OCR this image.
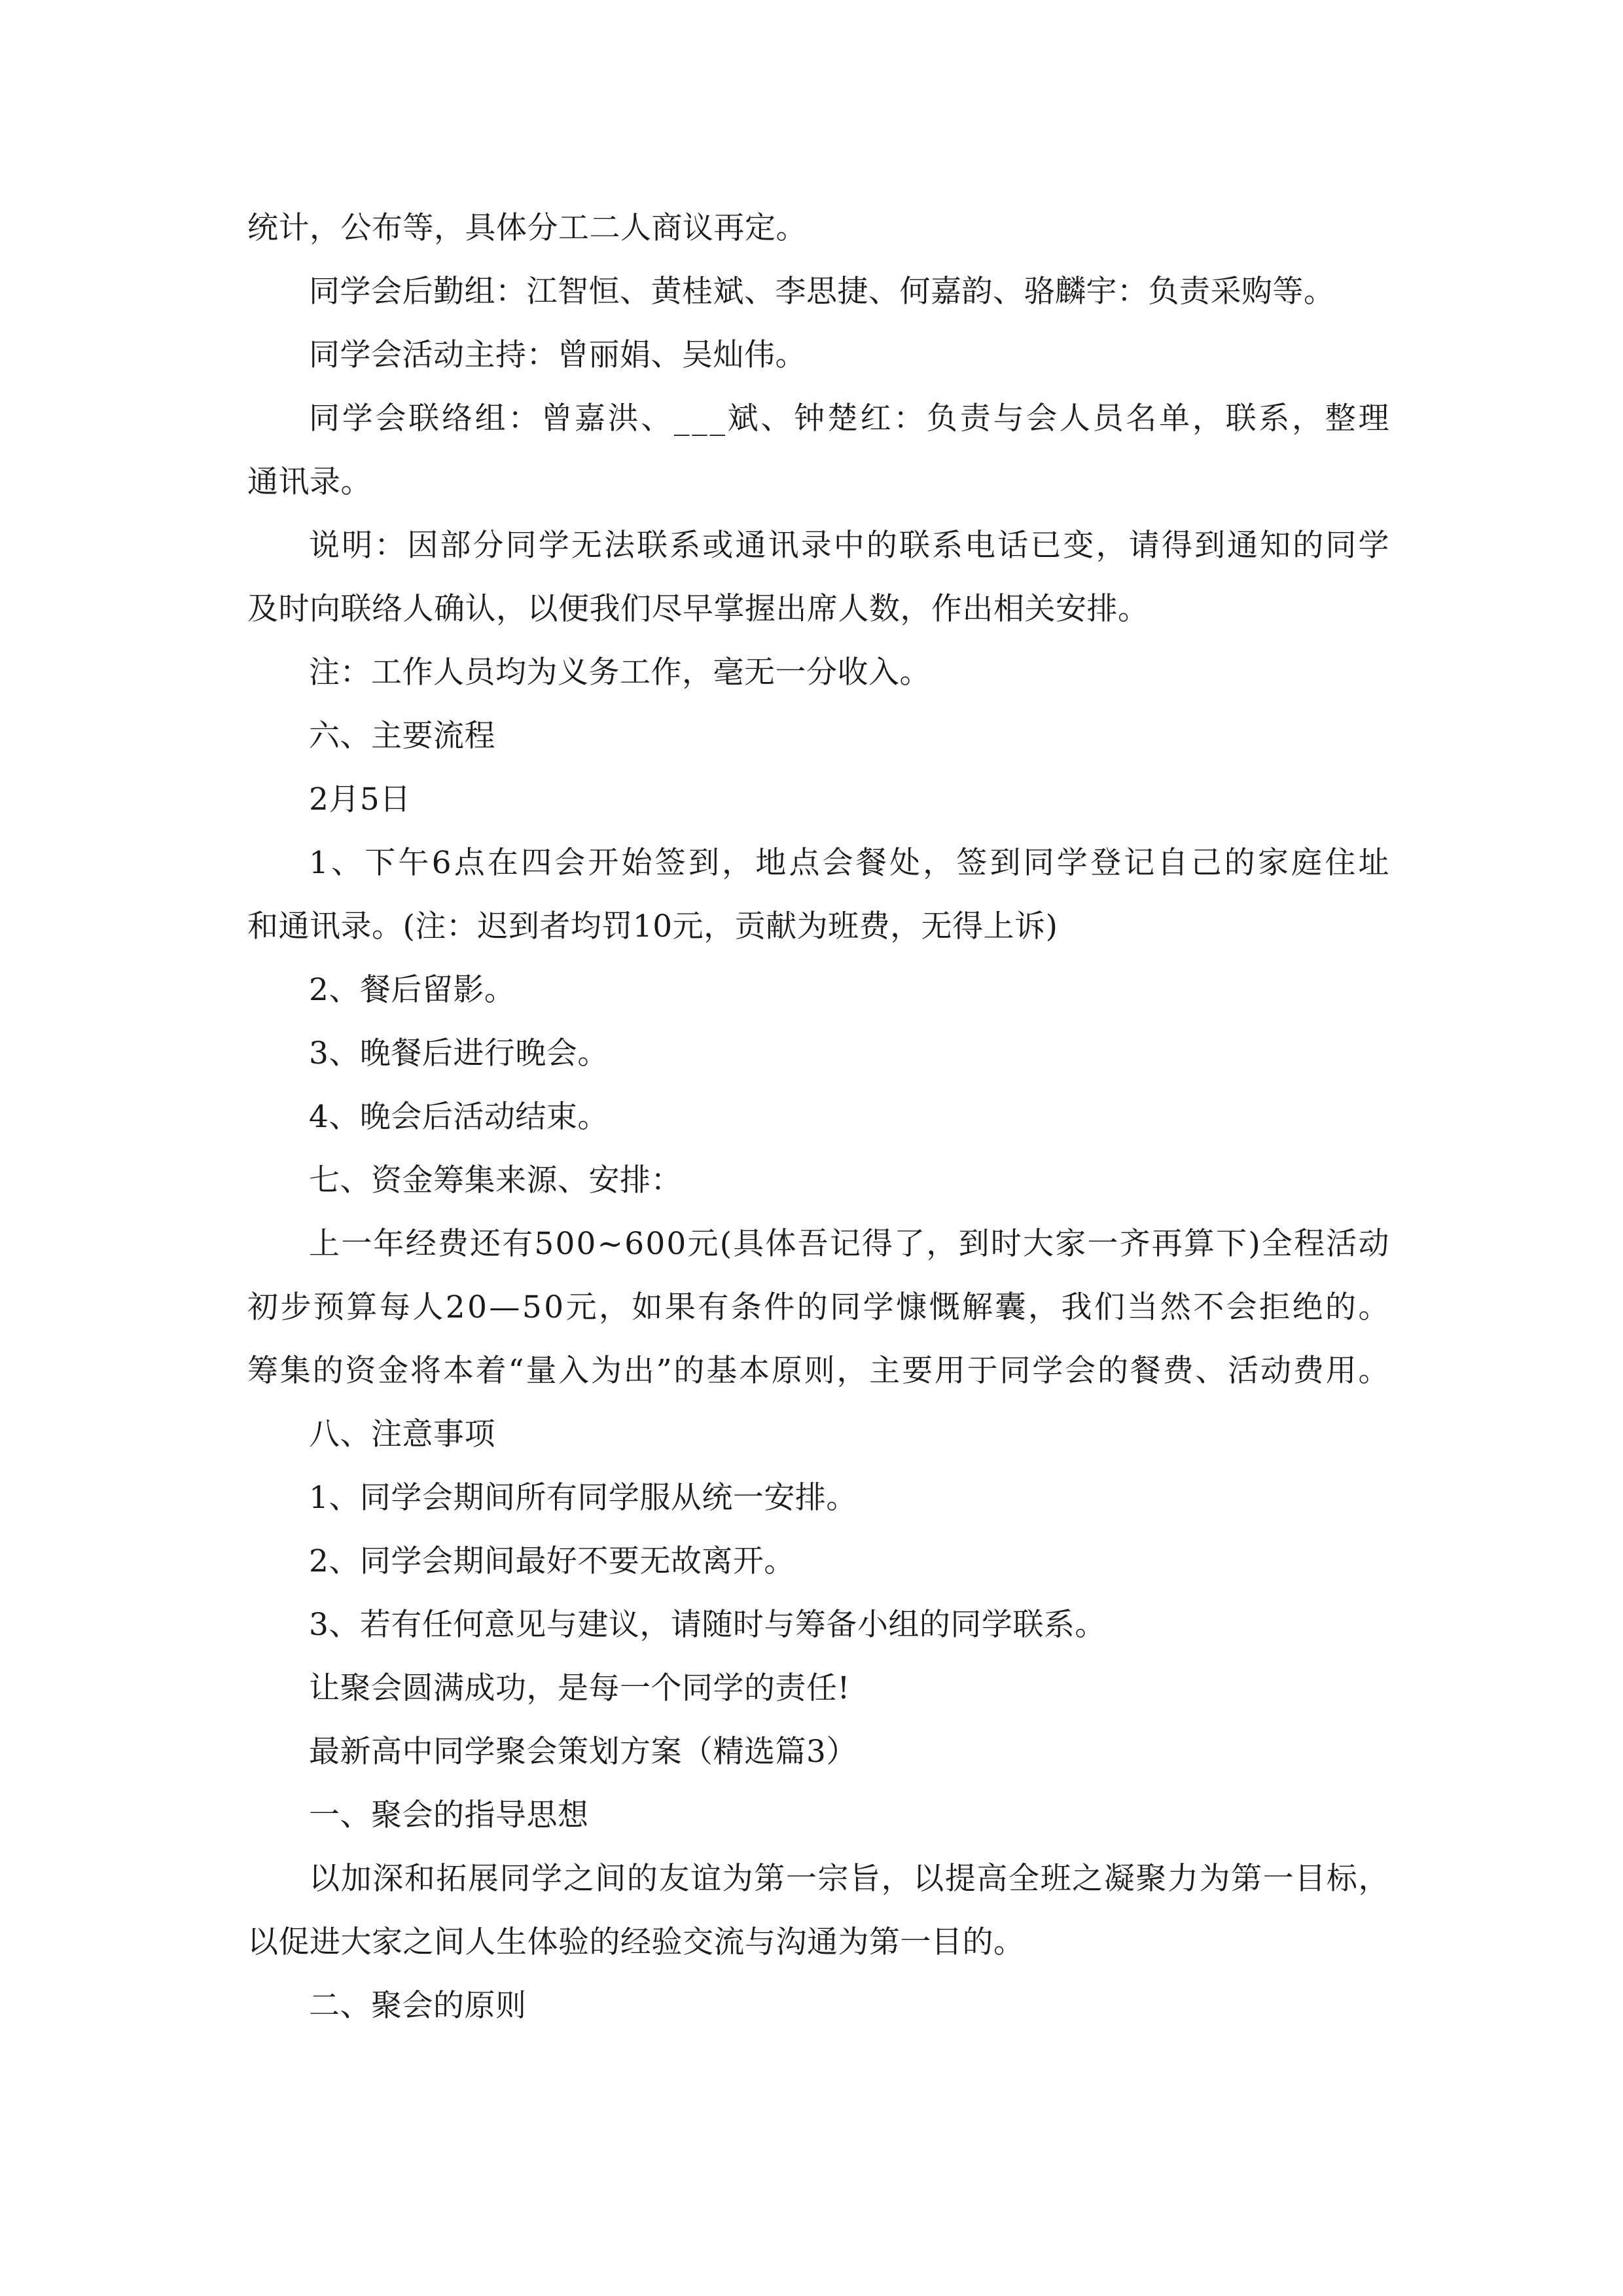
统计，公布等，具体分工二人商议再定。

同学会后勤组：江智恒、黄桂斌、李思捷、何嘉韵、骆麟宇：负责采购等。

同学会活动主持：曾丽娟、吴灿伟。

同学会联络组：曾嘉洪、___斌、钟楚红：负责与会人员名单，联系，整理

通讯录。

说明：因部分同学无法联系或通讯录中的联系电话已变，请得到通知的同学

及时向联络人确认，以便我们尽早掌握出席人数，作出相关安排。

注：工作人员均为义务工作，毫无一分收入。

六、主要流程

2月5日

1、下午6点在四会开始签到，地点会餐处，签到同学登记自己的家庭住址

和通讯录。(注：迟到者均罚10元，贡献为班费，无得上诉)

2、餐后留影。

3、晚餐后进行晚会。

4、晚会后活动结束。

七、资金筹集来源、安排：

上一年经费还有500~600元(具体吾记得了，到时大家一齐再算下)全程活动

初步预算每人20—50元，如果有条件的同学慷慨解囊，我们当然不会拒绝的。

筹集的资金将本着“量入为出”的基本原则，主要用于同学会的餐费、活动费用。

八、注意事项

1、同学会期间所有同学服从统一安排。

2、同学会期间最好不要无故离开。

3、若有任何意见与建议，请随时与筹备小组的同学联系。

让聚会圆满成功，是每一个同学的责任!

最新高中同学聚会策划方案（精选篇3）

一、聚会的指导思想

以加深和拓展同学之间的友谊为第一宗旨，以提高全班之凝聚力为第一目标，

以促进大家之间人生体验的经验交流与沟通为第一目的。

二、聚会的原则
